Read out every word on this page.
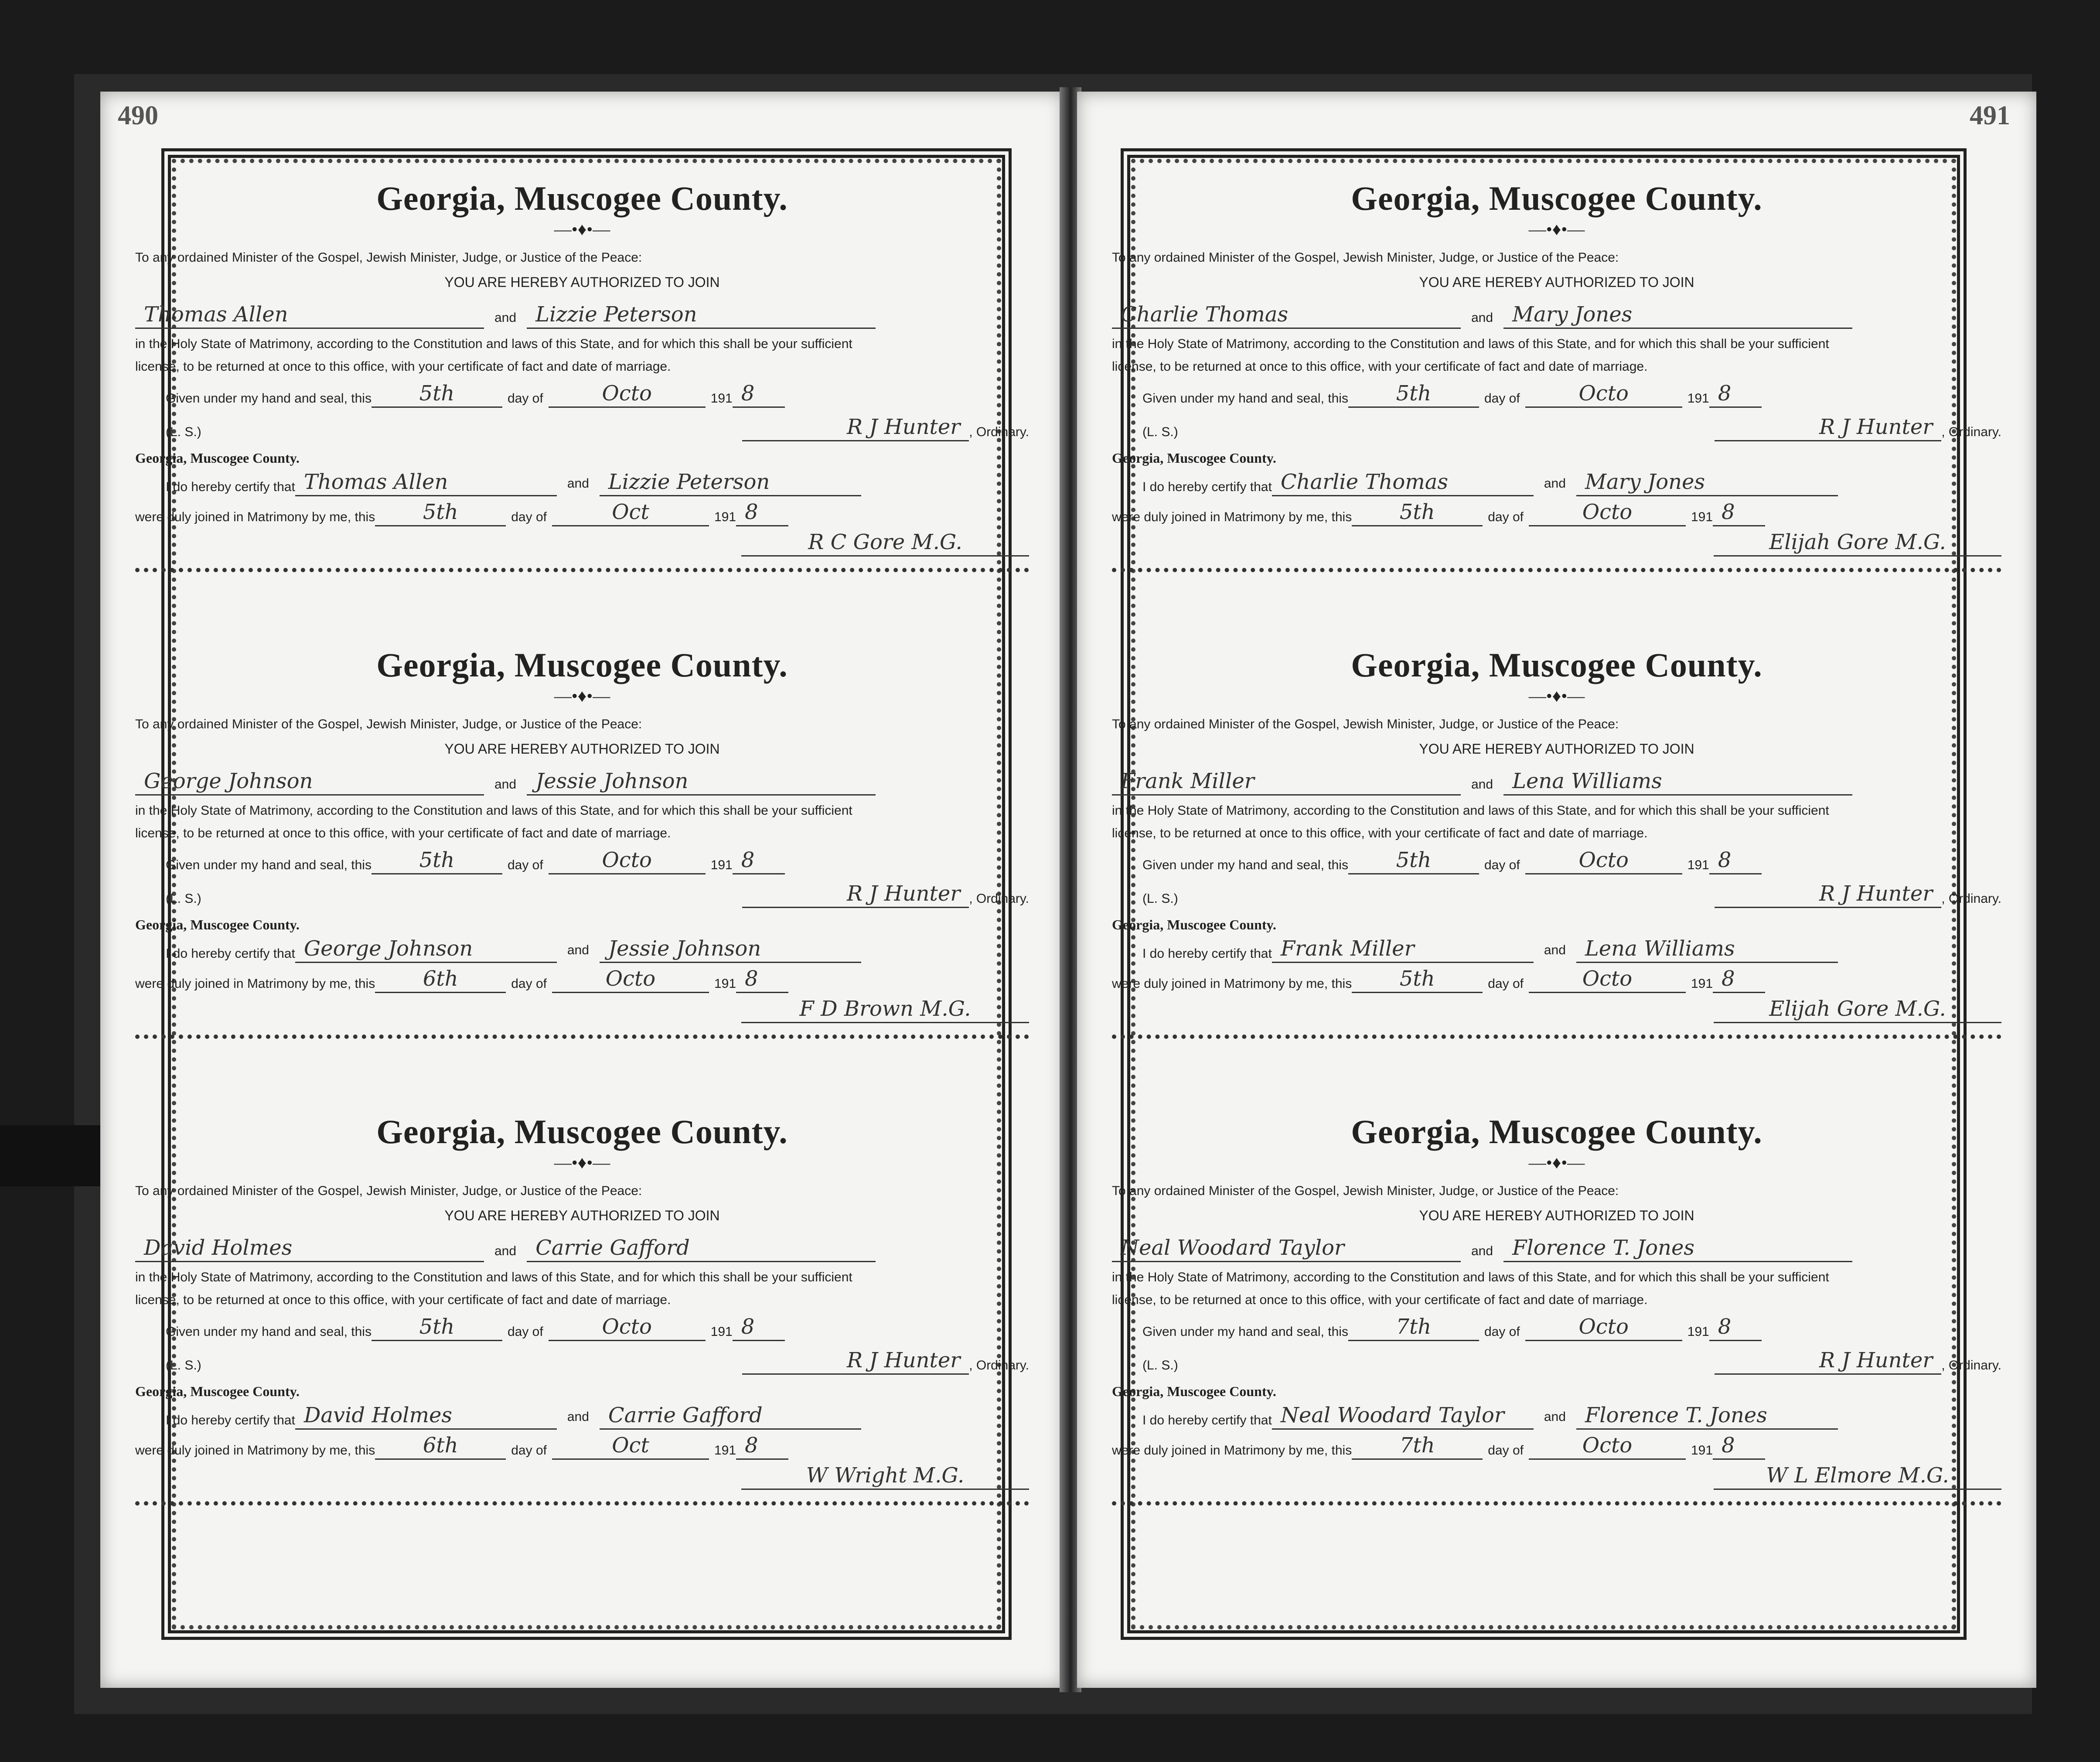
490
Georgia, Muscogee County.
—•♦•—
To any ordained Minister of the Gospel, Jewish Minister, Judge, or Justice of the Peace:
YOU ARE HEREBY AUTHORIZED TO JOIN
Thomas Allen	and Lizzie Peterson
in the Holy State of Matrimony, according to the Constitution and laws of this State, and for which this shall be your sufficient
license, to be returned at once to this office, with your certificate of fact and date of marriage.
Given under my hand and seal, this	5th	day of	Octo	191 8
(L. S.)	R J Hunter , Ordinary.
Georgia, Muscogee County.
I do hereby certify that Thomas Allen	and Lizzie Peterson
were duly joined in Matrimony by me, this	5th	day of	Oct	191 8
R C Gore M.G.
Georgia, Muscogee County.
—•♦•—
To any ordained Minister of the Gospel, Jewish Minister, Judge, or Justice of the Peace:
YOU ARE HEREBY AUTHORIZED TO JOIN
George Johnson	and Jessie Johnson
in the Holy State of Matrimony, according to the Constitution and laws of this State, and for which this shall be your sufficient
license, to be returned at once to this office, with your certificate of fact and date of marriage.
Given under my hand and seal, this	5th	day of	Octo	191 8
(L. S.)	R J Hunter , Ordinary.
Georgia, Muscogee County.
I do hereby certify that George Johnson	and Jessie Johnson
were duly joined in Matrimony by me, this	6th	day of	Octo	191 8
F D Brown M.G.
Georgia, Muscogee County.
—•♦•—
To any ordained Minister of the Gospel, Jewish Minister, Judge, or Justice of the Peace:
YOU ARE HEREBY AUTHORIZED TO JOIN
David Holmes	and Carrie Gafford
in the Holy State of Matrimony, according to the Constitution and laws of this State, and for which this shall be your sufficient
license, to be returned at once to this office, with your certificate of fact and date of marriage.
Given under my hand and seal, this	5th	day of	Octo	191 8
(L. S.)	R J Hunter , Ordinary.
Georgia, Muscogee County.
I do hereby certify that David Holmes	and Carrie Gafford
were duly joined in Matrimony by me, this	6th	day of	Oct	191 8
W Wright M.G.
491
Georgia, Muscogee County.
—•♦•—
To any ordained Minister of the Gospel, Jewish Minister, Judge, or Justice of the Peace:
YOU ARE HEREBY AUTHORIZED TO JOIN
Charlie Thomas	and Mary Jones
in the Holy State of Matrimony, according to the Constitution and laws of this State, and for which this shall be your sufficient
license, to be returned at once to this office, with your certificate of fact and date of marriage.
Given under my hand and seal, this	5th	day of	Octo	191 8
(L. S.)	R J Hunter , Ordinary.
Georgia, Muscogee County.
I do hereby certify that Charlie Thomas	and Mary Jones
were duly joined in Matrimony by me, this	5th	day of	Octo	191 8
Elijah Gore M.G.
Georgia, Muscogee County.
—•♦•—
To any ordained Minister of the Gospel, Jewish Minister, Judge, or Justice of the Peace:
YOU ARE HEREBY AUTHORIZED TO JOIN
Frank Miller	and Lena Williams
in the Holy State of Matrimony, according to the Constitution and laws of this State, and for which this shall be your sufficient
license, to be returned at once to this office, with your certificate of fact and date of marriage.
Given under my hand and seal, this	5th	day of	Octo	191 8
(L. S.)	R J Hunter , Ordinary.
Georgia, Muscogee County.
I do hereby certify that Frank Miller	and Lena Williams
were duly joined in Matrimony by me, this	5th	day of	Octo	191 8
Elijah Gore M.G.
Georgia, Muscogee County.
—•♦•—
To any ordained Minister of the Gospel, Jewish Minister, Judge, or Justice of the Peace:
YOU ARE HEREBY AUTHORIZED TO JOIN
Neal Woodard Taylor	and Florence T. Jones
in the Holy State of Matrimony, according to the Constitution and laws of this State, and for which this shall be your sufficient
license, to be returned at once to this office, with your certificate of fact and date of marriage.
Given under my hand and seal, this	7th	day of	Octo	191 8
(L. S.)	R J Hunter , Ordinary.
Georgia, Muscogee County.
I do hereby certify that Neal Woodard Taylor	and Florence T. Jones
were duly joined in Matrimony by me, this	7th	day of	Octo	191 8
W L Elmore M.G.
